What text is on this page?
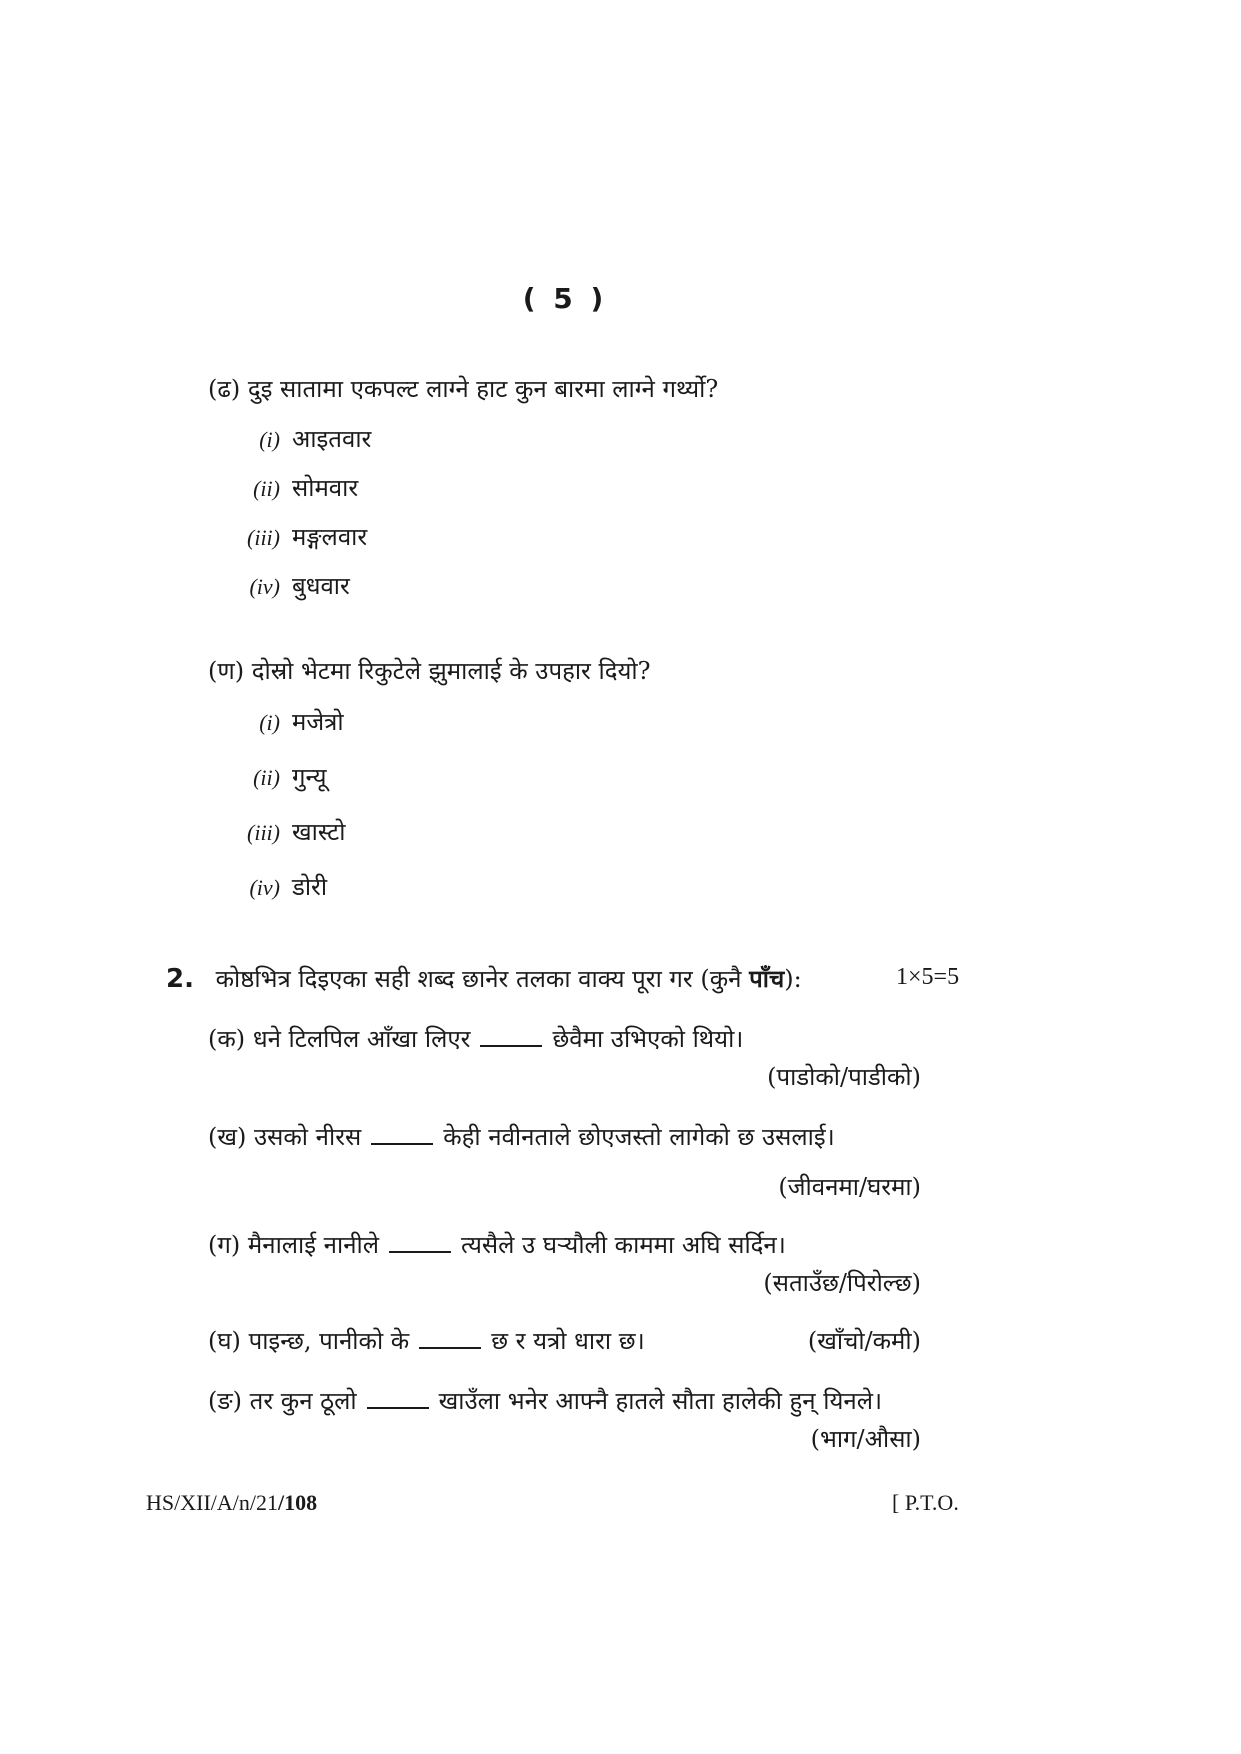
( 5 )
(ढ) दुइ सातामा एकपल्ट लाग्ने हाट कुन बारमा लाग्ने गर्थ्यो?
(i) आइतवार
(ii) सोमवार
(iii) मङ्गलवार
(iv) बुधवार
(ण) दोस्रो भेटमा रिकुटेले झुमालाई के उपहार दियो?
(i) मजेत्रो
(ii) गुन्यू
(iii) खास्टो
(iv) डोरी
2. कोष्ठभित्र दिइएका सही शब्द छानेर तलका वाक्य पूरा गर (कुनै पाँच):	1×5=5
(क) धने टिलपिल आँखा लिएर	छेवैमा उभिएको थियो।
(पाडोको/पाडीको)
(ख) उसको नीरस	केही नवीनताले छोएजस्तो लागेको छ उसलाई।
(जीवनमा/घरमा)
(ग) मैनालाई नानीले	त्यसैले उ घर्‍यौली काममा अघि सर्दिन।
(सताउँछ/पिरोल्छ)
(घ) पाइन्छ, पानीको के	छ र यत्रो धारा छ।	(खाँचो/कमी)
(ङ) तर कुन ठूलो	खाउँला भनेर आफ्नै हातले सौता हालेकी हुन् यिनले।
(भाग/औसा)
HS/XII/A/n/21/108	[ P.T.O.
